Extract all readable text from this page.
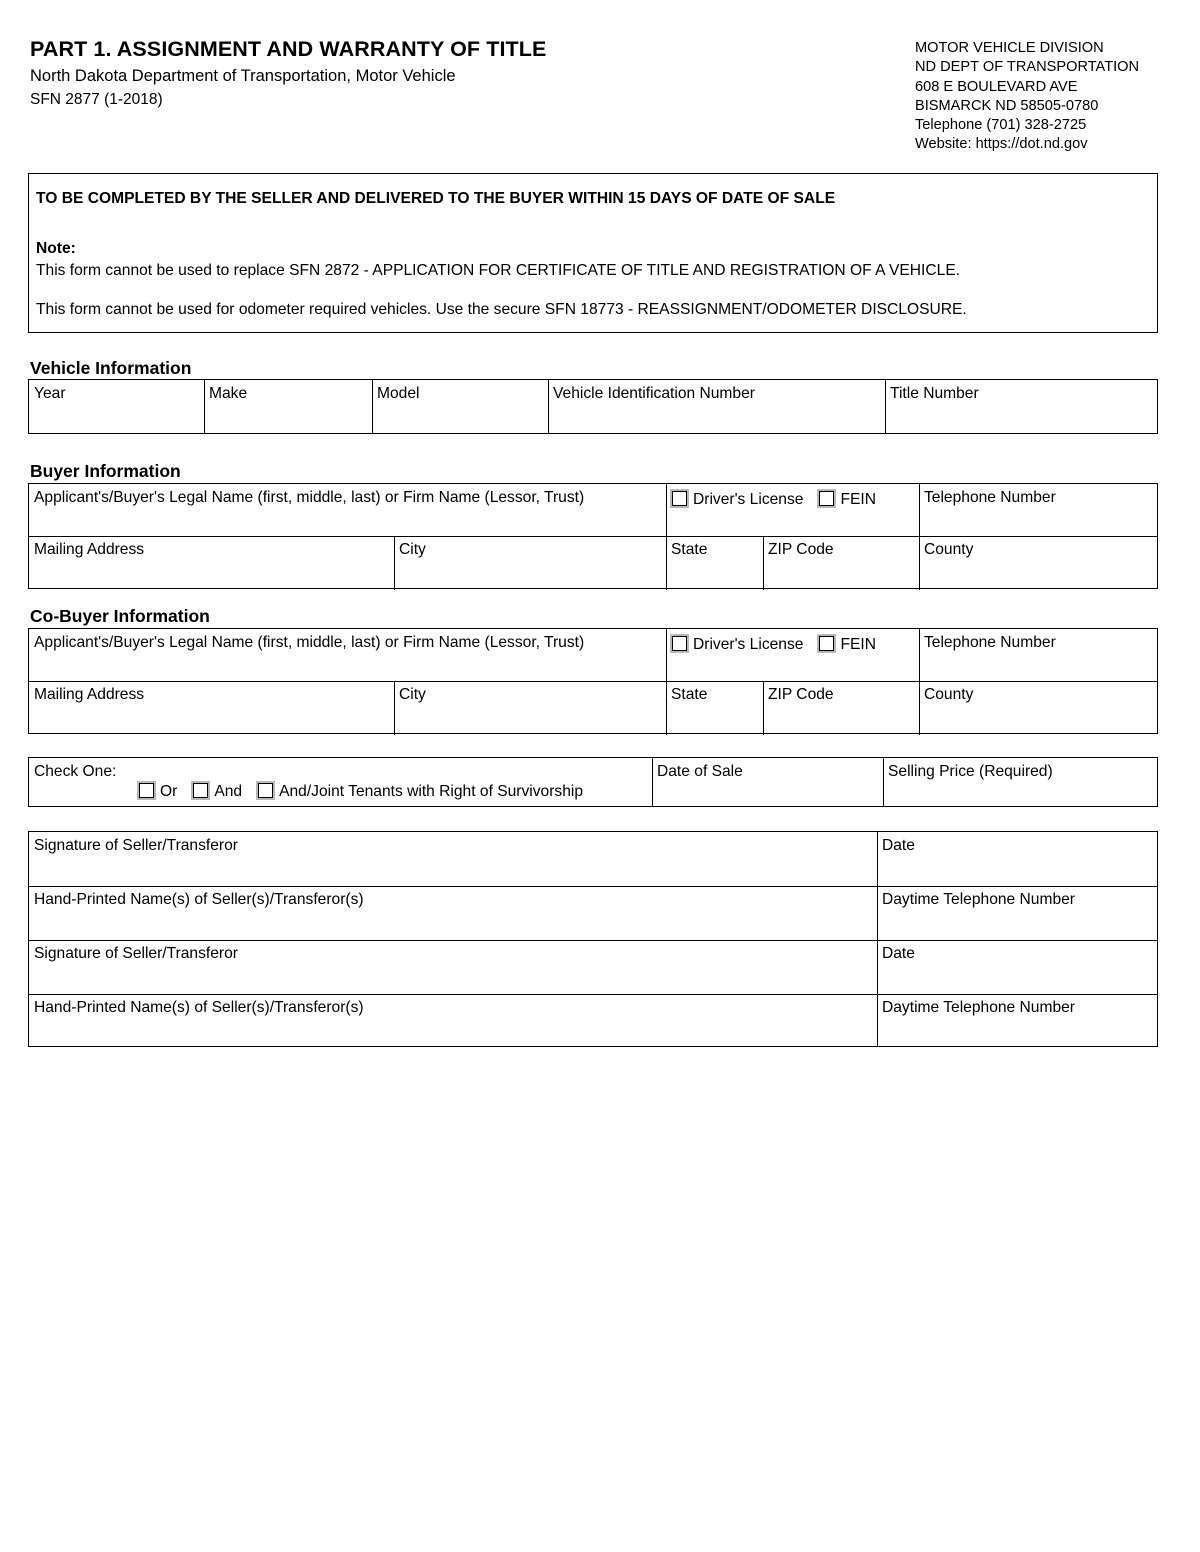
PART 1. ASSIGNMENT AND WARRANTY OF TITLE
North Dakota Department of Transportation, Motor Vehicle
SFN 2877 (1-2018)
MOTOR VEHICLE DIVISION
ND DEPT OF TRANSPORTATION
608 E BOULEVARD AVE
BISMARCK ND 58505-0780
Telephone (701) 328-2725
Website: https://dot.nd.gov
TO BE COMPLETED BY THE SELLER AND DELIVERED TO THE BUYER WITHIN 15 DAYS OF DATE OF SALE
Note:
This form cannot be used to replace SFN 2872 - APPLICATION FOR CERTIFICATE OF TITLE AND REGISTRATION OF A VEHICLE.
This form cannot be used for odometer required vehicles. Use the secure SFN 18773 - REASSIGNMENT/ODOMETER DISCLOSURE.
Vehicle Information
Year	Make	Model	Vehicle Identification Number	Title Number
Buyer Information
Applicant's/Buyer's Legal Name (first, middle, last) or Firm Name (Lessor, Trust)	Driver's License FEIN	Telephone Number
Mailing Address	City	State	ZIP Code	County
Co-Buyer Information
Applicant's/Buyer's Legal Name (first, middle, last) or Firm Name (Lessor, Trust)	Driver's License FEIN	Telephone Number
Mailing Address	City	State	ZIP Code	County
Check One:
Or And And/Joint Tenants with Right of Survivorship
Date of Sale	Selling Price (Required)
Signature of Seller/Transferor	Date
Hand-Printed Name(s) of Seller(s)/Transferor(s)	Daytime Telephone Number
Signature of Seller/Transferor	Date
Hand-Printed Name(s) of Seller(s)/Transferor(s)	Daytime Telephone Number
